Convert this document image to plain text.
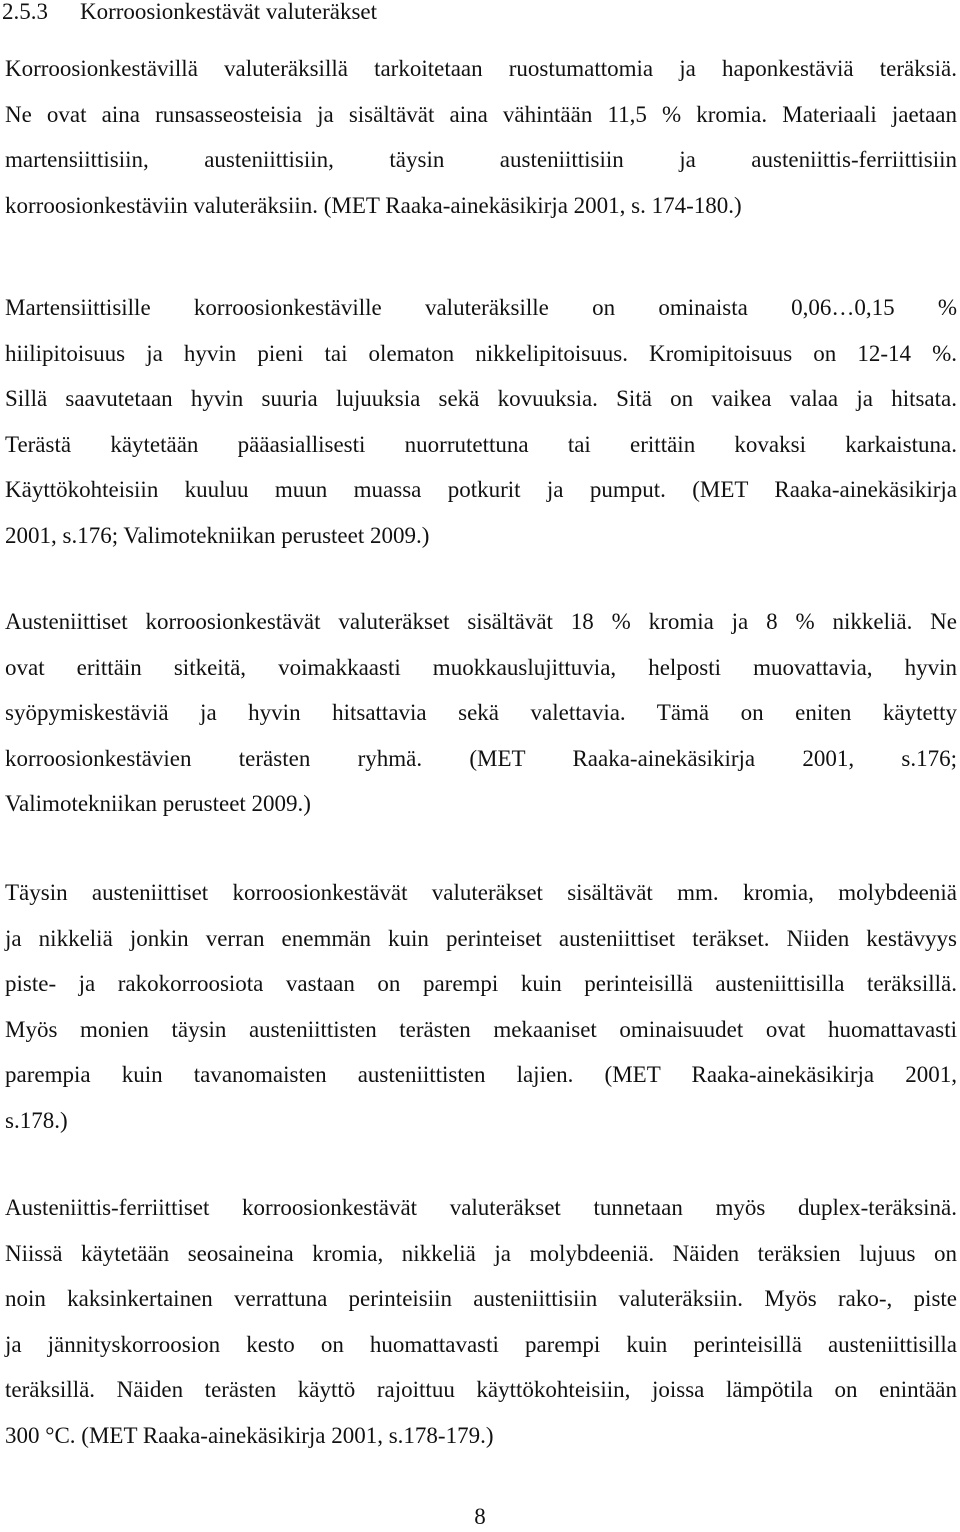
2.5.3 Korroosionkestävät valuteräkset
Korroosionkestävillä valuteräksillä tarkoitetaan ruostumattomia ja haponkestäviä teräksiä.
Ne ovat aina runsasseosteisia ja sisältävät aina vähintään 11,5 % kromia. Materiaali jaetaan
martensiittisiin, austeniittisiin, täysin austeniittisiin ja austeniittis-ferriittisiin
korroosionkestäviin valuteräksiin. (MET Raaka-ainekäsikirja 2001, s. 174-180.)
Martensiittisille korroosionkestäville valuteräksille on ominaista 0,06…0,15 %
hiilipitoisuus ja hyvin pieni tai olematon nikkelipitoisuus. Kromipitoisuus on 12-14 %.
Sillä saavutetaan hyvin suuria lujuuksia sekä kovuuksia. Sitä on vaikea valaa ja hitsata.
Terästä käytetään pääasiallisesti nuorrutettuna tai erittäin kovaksi karkaistuna.
Käyttökohteisiin kuuluu muun muassa potkurit ja pumput. (MET Raaka-ainekäsikirja
2001, s.176; Valimotekniikan perusteet 2009.)
Austeniittiset korroosionkestävät valuteräkset sisältävät 18 % kromia ja 8 % nikkeliä. Ne
ovat erittäin sitkeitä, voimakkaasti muokkauslujittuvia, helposti muovattavia, hyvin
syöpymiskestäviä ja hyvin hitsattavia sekä valettavia. Tämä on eniten käytetty
korroosionkestävien terästen ryhmä. (MET Raaka-ainekäsikirja 2001, s.176;
Valimotekniikan perusteet 2009.)
Täysin austeniittiset korroosionkestävät valuteräkset sisältävät mm. kromia, molybdeeniä
ja nikkeliä jonkin verran enemmän kuin perinteiset austeniittiset teräkset. Niiden kestävyys
piste- ja rakokorroosiota vastaan on parempi kuin perinteisillä austeniittisilla teräksillä.
Myös monien täysin austeniittisten terästen mekaaniset ominaisuudet ovat huomattavasti
parempia kuin tavanomaisten austeniittisten lajien. (MET Raaka-ainekäsikirja 2001,
s.178.)
Austeniittis-ferriittiset korroosionkestävät valuteräkset tunnetaan myös duplex-teräksinä.
Niissä käytetään seosaineina kromia, nikkeliä ja molybdeeniä. Näiden teräksien lujuus on
noin kaksinkertainen verrattuna perinteisiin austeniittisiin valuteräksiin. Myös rako-, piste
ja jännityskorroosion kesto on huomattavasti parempi kuin perinteisillä austeniittisilla
teräksillä. Näiden terästen käyttö rajoittuu käyttökohteisiin, joissa lämpötila on enintään
300 °C. (MET Raaka-ainekäsikirja 2001, s.178-179.)
8
